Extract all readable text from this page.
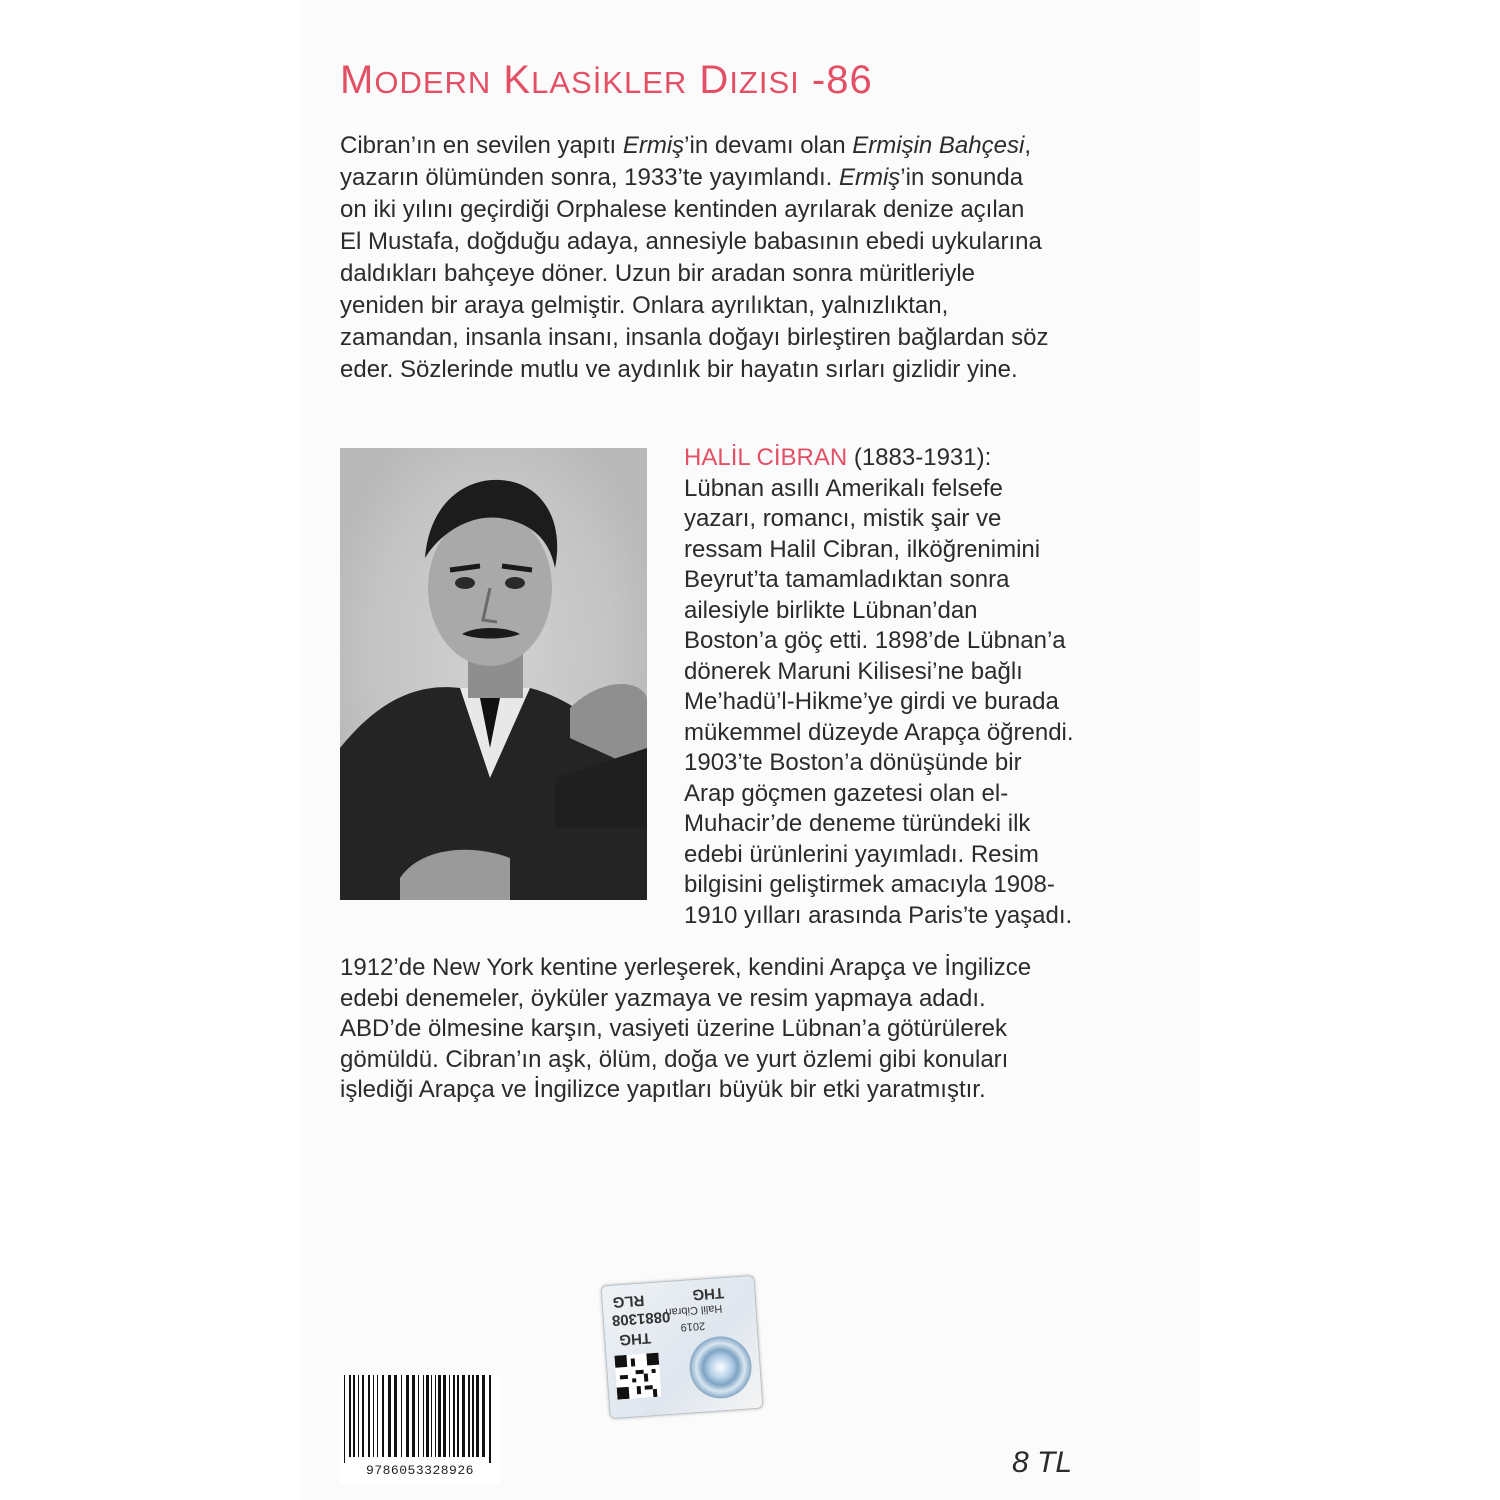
MODERN KLASİKLER DIZISI -86

Cibran’ın en sevilen yapıtı Ermiş’in devamı olan Ermişin Bahçesi,
yazarın ölümünden sonra, 1933’te yayımlandı. Ermiş’in sonunda
on iki yılını geçirdiği Orphalese kentinden ayrılarak denize açılan
El Mustafa, doğduğu adaya, annesiyle babasının ebedi uykularına
daldıkları bahçeye döner. Uzun bir aradan sonra müritleriyle
yeniden bir araya gelmiştir. Onlara ayrılıktan, yalnızlıktan,
zamandan, insanla insanı, insanla doğayı birleştiren bağlardan söz
eder. Sözlerinde mutlu ve aydınlık bir hayatın sırları gizlidir yine.

HALİL CİBRAN (1883-1931):
Lübnan asıllı Amerikalı felsefe
yazarı, romancı, mistik şair ve
ressam Halil Cibran, ilköğrenimini
Beyrut’ta tamamladıktan sonra
ailesiyle birlikte Lübnan’dan
Boston’a göç etti. 1898’de Lübnan’a
dönerek Maruni Kilisesi’ne bağlı
Me’hadü’l-Hikme’ye girdi ve burada
mükemmel düzeyde Arapça öğrendi.
1903’te Boston’a dönüşünde bir
Arap göçmen gazetesi olan el-
Muhacir’de deneme türündeki ilk
edebi ürünlerini yayımladı. Resim
bilgisini geliştirmek amacıyla 1908-
1910 yılları arasında Paris’te yaşadı.

1912’de New York kentine yerleşerek, kendini Arapça ve İngilizce
edebi denemeler, öyküler yazmaya ve resim yapmaya adadı.
ABD’de ölmesine karşın, vasiyeti üzerine Lübnan’a götürülerek
gömüldü. Cibran’ın aşk, ölüm, doğa ve yurt özlemi gibi konuları
işlediği Arapça ve İngilizce yapıtları büyük bir etki yaratmıştır.

9786053328926
THG
Halil Cibran
2019
RLG
0881308
THG

8 TL
